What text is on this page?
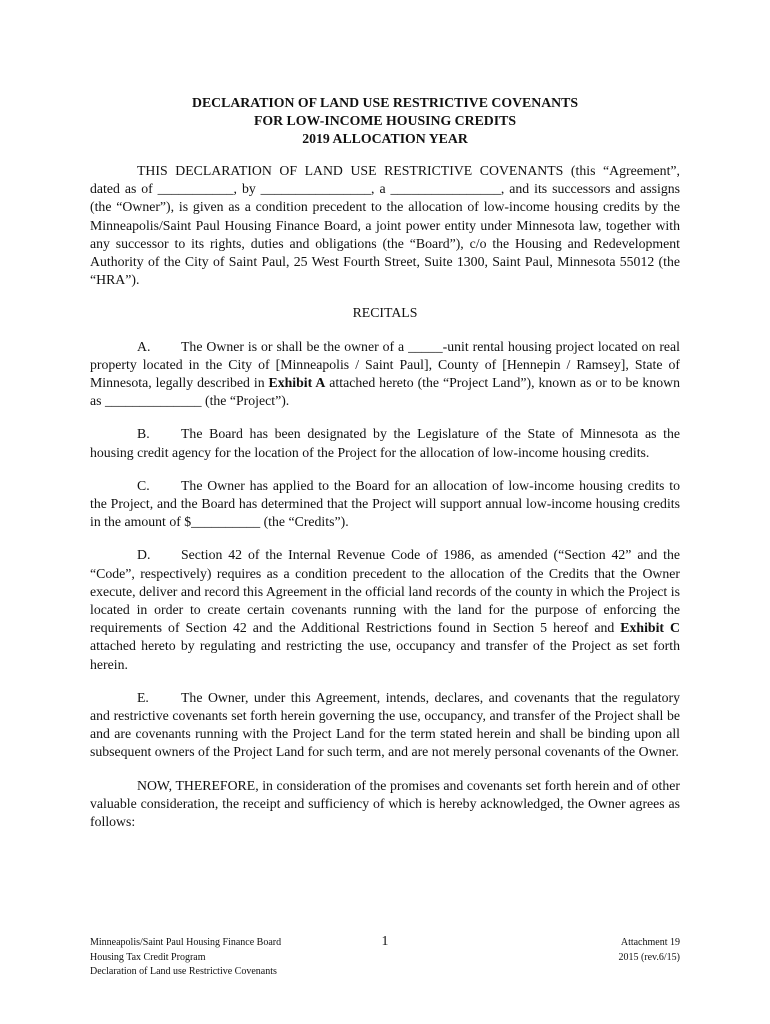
DECLARATION OF LAND USE RESTRICTIVE COVENANTS
FOR LOW-INCOME HOUSING CREDITS
2019 ALLOCATION YEAR

THIS DECLARATION OF LAND USE RESTRICTIVE COVENANTS (this “Agreement”, dated as of ___________, by ________________, a ________________, and its successors and assigns (the “Owner”), is given as a condition precedent to the allocation of low-income housing credits by the Minneapolis/Saint Paul Housing Finance Board, a joint power entity under Minnesota law, together with any successor to its rights, duties and obligations (the “Board”), c/o the Housing and Redevelopment Authority of the City of Saint Paul, 25 West Fourth Street, Suite 1300, Saint Paul, Minnesota 55012 (the “HRA”).

RECITALS

A. The Owner is or shall be the owner of a _____-unit rental housing project located on real property located in the City of [Minneapolis / Saint Paul], County of [Hennepin / Ramsey], State of Minnesota, legally described in Exhibit A attached hereto (the “Project Land”), known as or to be known as ______________ (the “Project”).

B. The Board has been designated by the Legislature of the State of Minnesota as the housing credit agency for the location of the Project for the allocation of low-income housing credits.

C. The Owner has applied to the Board for an allocation of low-income housing credits to the Project, and the Board has determined that the Project will support annual low-income housing credits in the amount of $__________ (the “Credits”).

D. Section 42 of the Internal Revenue Code of 1986, as amended (“Section 42” and the “Code”, respectively) requires as a condition precedent to the allocation of the Credits that the Owner execute, deliver and record this Agreement in the official land records of the county in which the Project is located in order to create certain covenants running with the land for the purpose of enforcing the requirements of Section 42 and the Additional Restrictions found in Section 5 hereof and Exhibit C attached hereto by regulating and restricting the use, occupancy and transfer of the Project as set forth herein.

E. The Owner, under this Agreement, intends, declares, and covenants that the regulatory and restrictive covenants set forth herein governing the use, occupancy, and transfer of the Project shall be and are covenants running with the Project Land for the term stated herein and shall be binding upon all subsequent owners of the Project Land for such term, and are not merely personal covenants of the Owner.

NOW, THEREFORE, in consideration of the promises and covenants set forth herein and of other valuable consideration, the receipt and sufficiency of which is hereby acknowledged, the Owner agrees as follows:

Minneapolis/Saint Paul Housing Finance Board
Housing Tax Credit Program
Declaration of Land use Restrictive Covenants
1	Attachment 19
2015 (rev.6/15)
